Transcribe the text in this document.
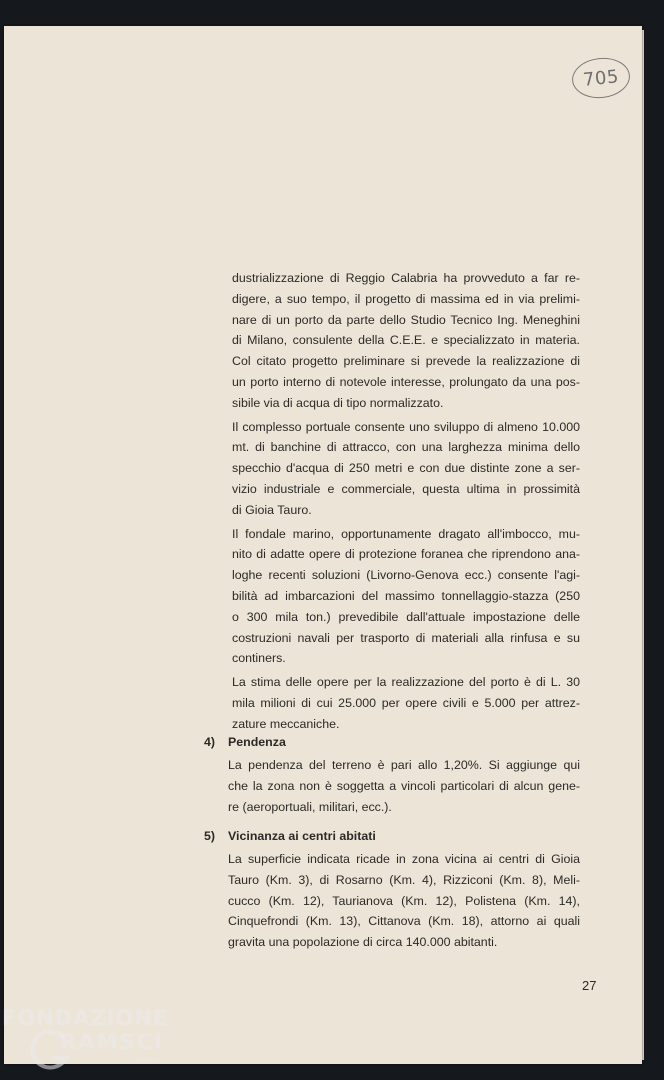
705
dustrializzazione di Reggio Calabria ha provveduto a far re-
digere, a suo tempo, il progetto di massima ed in via prelimi-
nare di un porto da parte dello Studio Tecnico Ing. Meneghini
di Milano, consulente della C.E.E. e specializzato in materia.
Col citato progetto preliminare si prevede la realizzazione di
un porto interno di notevole interesse, prolungato da una pos-
sibile via di acqua di tipo normalizzato.
Il complesso portuale consente uno sviluppo di almeno 10.000
mt. di banchine di attracco, con una larghezza minima dello
specchio d'acqua di 250 metri e con due distinte zone a ser-
vizio industriale e commerciale, questa ultima in prossimità
di Gioia Tauro.
Il fondale marino, opportunamente dragato all'imbocco, mu-
nito di adatte opere di protezione foranea che riprendono ana-
loghe recenti soluzioni (Livorno-Genova ecc.) consente l'agi-
bilità ad imbarcazioni del massimo tonnellaggio-stazza (250
o 300 mila ton.) prevedibile dall'attuale impostazione delle
costruzioni navali per trasporto di materiali alla rinfusa e su
continers.
La stima delle opere per la realizzazione del porto è di L. 30
mila milioni di cui 25.000 per opere civili e 5.000 per attrez-
zature meccaniche.
4) Pendenza
La pendenza del terreno è pari allo 1,20%. Si aggiunge qui
che la zona non è soggetta a vincoli particolari di alcun gene-
re (aeroportuali, militari, ecc.).
5) Vicinanza ai centri abitati
La superficie indicata ricade in zona vicina ai centri di Gioia
Tauro (Km. 3), di Rosarno (Km. 4), Rizziconi (Km. 8), Meli-
cucco (Km. 12), Taurianova (Km. 12), Polistena (Km. 14),
Cinquefrondi (Km. 13), Cittanova (Km. 18), attorno ai quali
gravita una popolazione di circa 140.000 abitanti.
27
FONDAZIONE
RAMSCI
onlus
